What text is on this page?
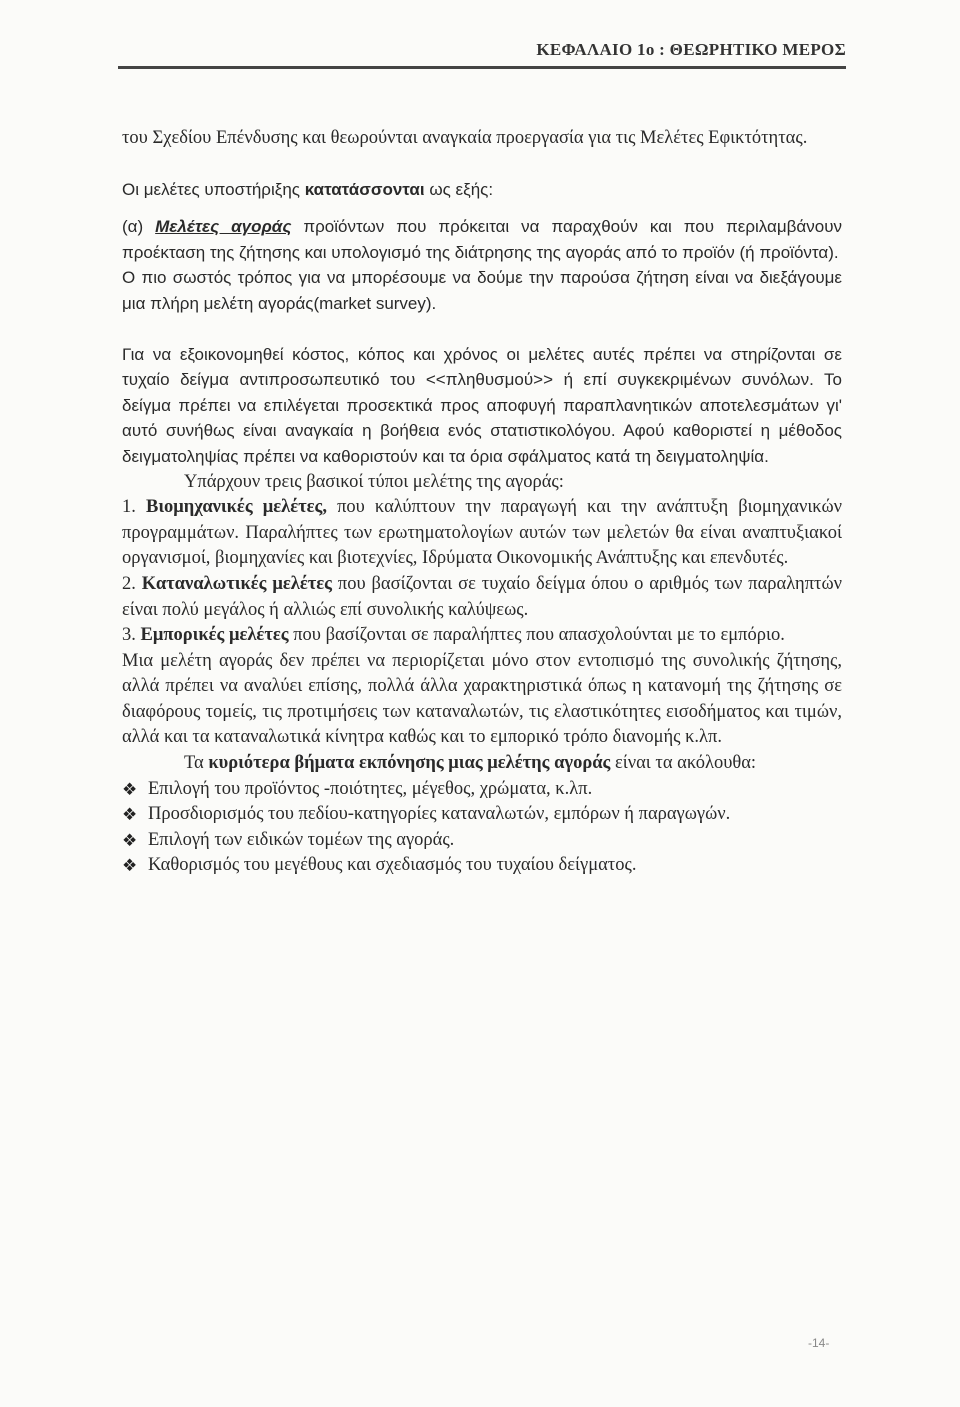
ΚΕΦΑΛΑΙΟ 1ο : ΘΕΩΡΗΤΙΚΟ ΜΕΡΟΣ

του Σχεδίου Επένδυσης και θεωρούνται αναγκαία προεργασία για τις Μελέτες Εφικτότητας.

Οι μελέτες υποστήριξης κατατάσσονται ως εξής:

(α) Μελέτες αγοράς προϊόντων που πρόκειται να παραχθούν και που περιλαμβάνουν προέκταση της ζήτησης και υπολογισμό της διάτρησης της αγοράς από το προϊόν (ή προϊόντα).

Ο πιο σωστός τρόπος για να μπορέσουμε να δούμε την παρούσα ζήτηση είναι να διεξάγουμε μια πλήρη μελέτη αγοράς(market survey).

Για να εξοικονομηθεί κόστος, κόπος και χρόνος οι μελέτες αυτές πρέπει να στηρίζονται σε τυχαίο δείγμα αντιπροσωπευτικό του <<πληθυσμού>> ή επί συγκεκριμένων συνόλων. Το δείγμα πρέπει να επιλέγεται προσεκτικά προς αποφυγή παραπλανητικών αποτελεσμάτων γι' αυτό συνήθως είναι αναγκαία η βοήθεια ενός στατιστικολόγου. Αφού καθοριστεί η μέθοδος δειγματοληψίας πρέπει να καθοριστούν και τα όρια σφάλματος κατά τη δειγματοληψία.

Υπάρχουν τρεις βασικοί τύποι μελέτης της αγοράς:

1. Βιομηχανικές μελέτες, που καλύπτουν την παραγωγή και την ανάπτυξη βιομηχανικών προγραμμάτων. Παραλήπτες των ερωτηματολογίων αυτών των μελετών θα είναι αναπτυξιακοί οργανισμοί, βιομηχανίες και βιοτεχνίες, Ιδρύματα Οικονομικής Ανάπτυξης και επενδυτές.

2. Καταναλωτικές μελέτες που βασίζονται σε τυχαίο δείγμα όπου ο αριθμός των παραληπτών είναι πολύ μεγάλος ή αλλιώς επί συνολικής καλύψεως.

3. Εμπορικές μελέτες που βασίζονται σε παραλήπτες που απασχολούνται με το εμπόριο.

Μια μελέτη αγοράς δεν πρέπει να περιορίζεται μόνο στον εντοπισμό της συνολικής ζήτησης, αλλά πρέπει να αναλύει επίσης, πολλά άλλα χαρακτηριστικά όπως η κατανομή της ζήτησης σε διαφόρους τομείς, τις προτιμήσεις των καταναλωτών, τις ελαστικότητες εισοδήματος και τιμών, αλλά και τα καταναλωτικά κίνητρα καθώς και το εμπορικό τρόπο διανομής κ.λπ.

Τα κυριότερα βήματα εκπόνησης μιας μελέτης αγοράς είναι τα ακόλουθα:

❖ Επιλογή του προϊόντος -ποιότητες, μέγεθος, χρώματα, κ.λπ.
❖ Προσδιορισμός του πεδίου-κατηγορίες καταναλωτών, εμπόρων ή παραγωγών.
❖ Επιλογή των ειδικών τομέων της αγοράς.
❖ Καθορισμός του μεγέθους και σχεδιασμός του τυχαίου δείγματος.
-14-
